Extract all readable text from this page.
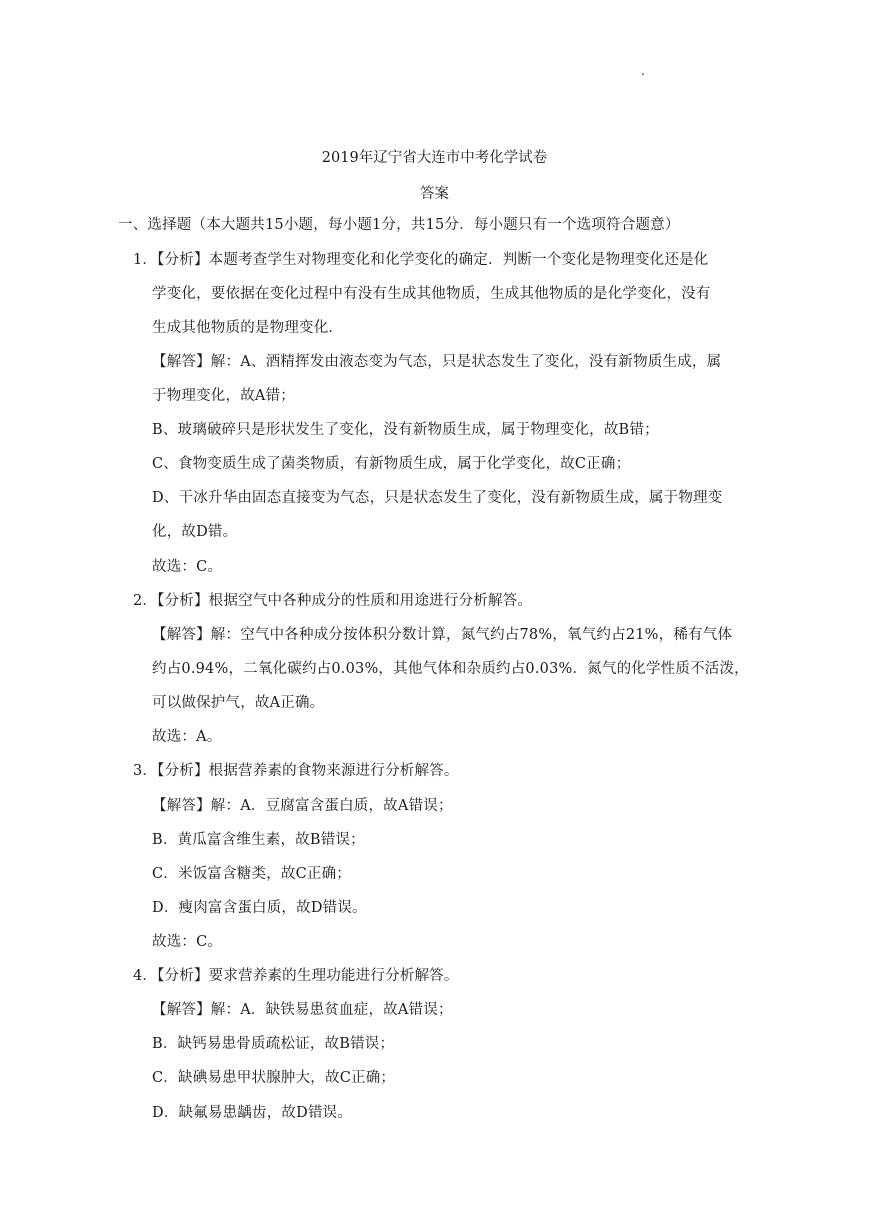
.
2019年辽宁省大连市中考化学试卷
答案
一、选择题（本大题共15小题，每小题1分，共15分．每小题只有一个选项符合题意）
1．【分析】本题考查学生对物理变化和化学变化的确定．判断一个变化是物理变化还是化
学变化，要依据在变化过程中有没有生成其他物质，生成其他物质的是化学变化，没有
生成其他物质的是物理变化．
【解答】解：A、酒精挥发由液态变为气态，只是状态发生了变化，没有新物质生成，属
于物理变化，故A错；
B、玻璃破碎只是形状发生了变化，没有新物质生成，属于物理变化，故B错；
C、食物变质生成了菌类物质，有新物质生成，属于化学变化，故C正确；
D、干冰升华由固态直接变为气态，只是状态发生了变化，没有新物质生成，属于物理变
化，故D错。
故选：C。
2．【分析】根据空气中各种成分的性质和用途进行分析解答。
【解答】解：空气中各种成分按体积分数计算，氮气约占78%，氧气约占21%，稀有气体
约占0.94%，二氧化碳约占0.03%，其他气体和杂质约占0.03%．氮气的化学性质不活泼，
可以做保护气，故A正确。
故选：A。
3．【分析】根据营养素的食物来源进行分析解答。
【解答】解：A．豆腐富含蛋白质，故A错误；
B．黄瓜富含维生素，故B错误；
C．米饭富含糖类，故C正确；
D．瘦肉富含蛋白质，故D错误。
故选：C。
4．【分析】要求营养素的生理功能进行分析解答。
【解答】解：A．缺铁易患贫血症，故A错误；
B．缺钙易患骨质疏松证，故B错误；
C．缺碘易患甲状腺肿大，故C正确；
D．缺氟易患龋齿，故D错误。
